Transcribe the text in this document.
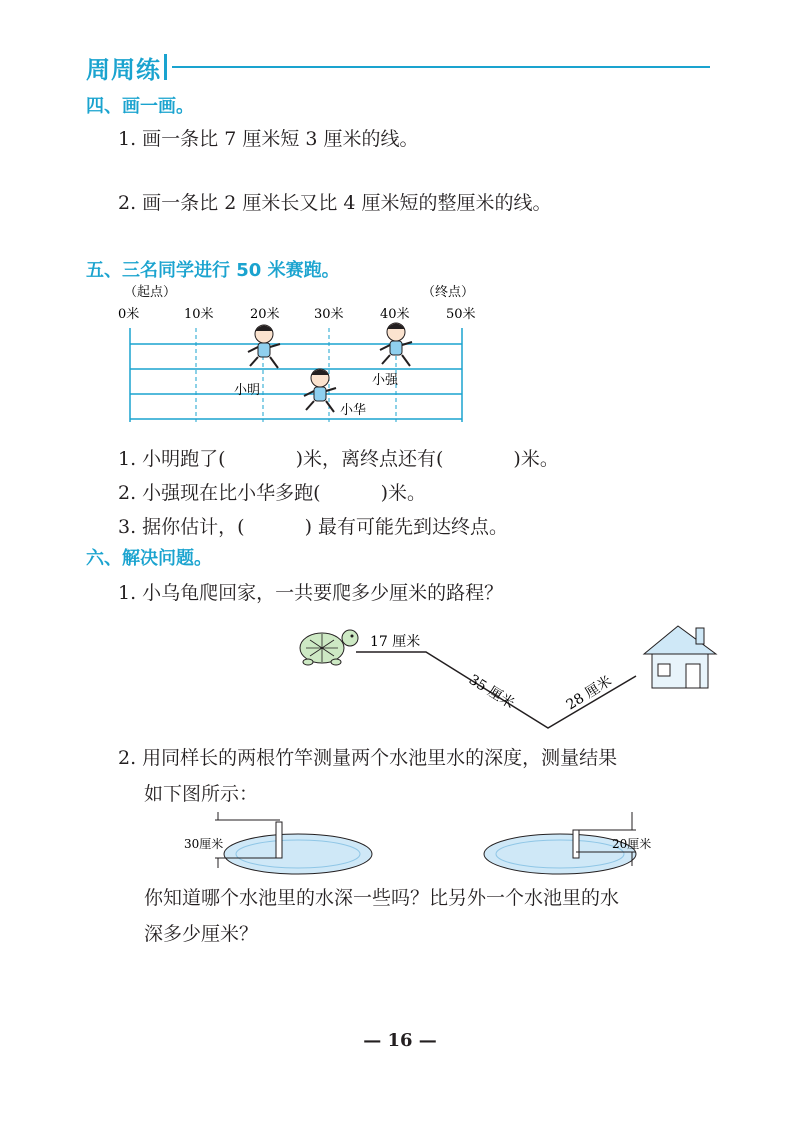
周周练
四、画一画。
1. 画一条比 7 厘米短 3 厘米的线。
2. 画一条比 2 厘米长又比 4 厘米短的整厘米的线。
五、三名同学进行 50 米赛跑。
（起点）	（终点）
0米	10米	20米	30米	40米	50米
小明
小华
小强
1. 小明跑了(	)米，离终点还有(	)米。
2. 小强现在比小华多跑(	)米。
3. 据你估计，(	) 最有可能先到达终点。
六、解决问题。
1. 小乌龟爬回家，一共要爬多少厘米的路程？
17 厘米
35 厘米	28 厘米
2. 用同样长的两根竹竿测量两个水池里水的深度，测量结果
如下图所示：
30厘米	20厘米
你知道哪个水池里的水深一些吗？比另外一个水池里的水
深多少厘米？
— 16 —
